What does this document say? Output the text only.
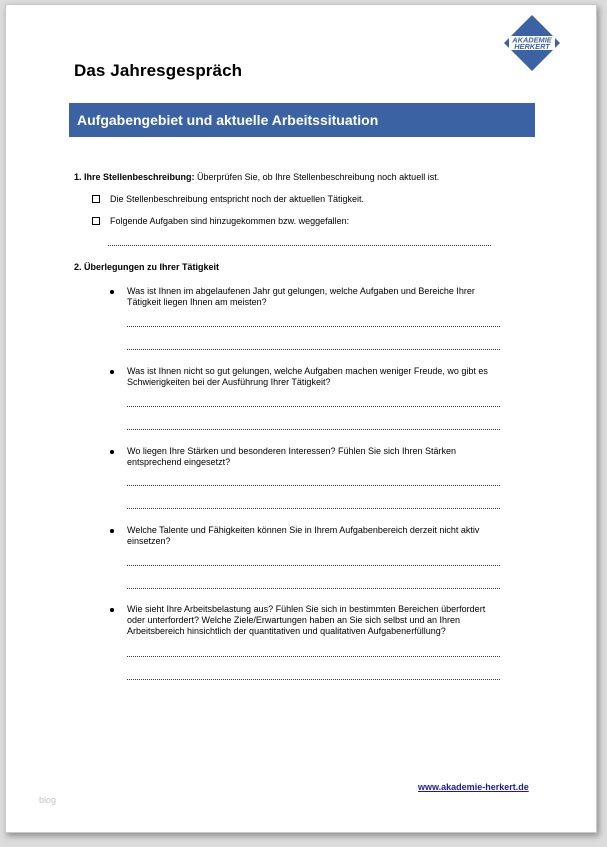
AKADEMIE
HERKERT
Das Jahresgespräch
Aufgabengebiet und aktuelle Arbeitssituation
1. Ihre Stellenbeschreibung: Überprüfen Sie, ob Ihre Stellenbeschreibung noch aktuell ist.
Die Stellenbeschreibung entspricht noch der aktuellen Tätigkeit.
Folgende Aufgaben sind hinzugekommen bzw. weggefallen:
2. Überlegungen zu Ihrer Tätigkeit
Was ist Ihnen im abgelaufenen Jahr gut gelungen, welche Aufgaben und Bereiche Ihrer
Tätigkeit liegen Ihnen am meisten?
Was ist Ihnen nicht so gut gelungen, welche Aufgaben machen weniger Freude, wo gibt es
Schwierigkeiten bei der Ausführung Ihrer Tätigkeit?
Wo liegen Ihre Stärken und besonderen Interessen? Fühlen Sie sich Ihren Stärken
entsprechend eingesetzt?
Welche Talente und Fähigkeiten können Sie in Ihrem Aufgabenbereich derzeit nicht aktiv
einsetzen?
Wie sieht Ihre Arbeitsbelastung aus? Fühlen Sie sich in bestimmten Bereichen überfordert
oder unterfordert? Welche Ziele/Erwartungen haben an Sie sich selbst und an Ihren
Arbeitsbereich hinsichtlich der quantitativen und qualitativen Aufgabenerfüllung?
www.akademie-herkert.de
blog
